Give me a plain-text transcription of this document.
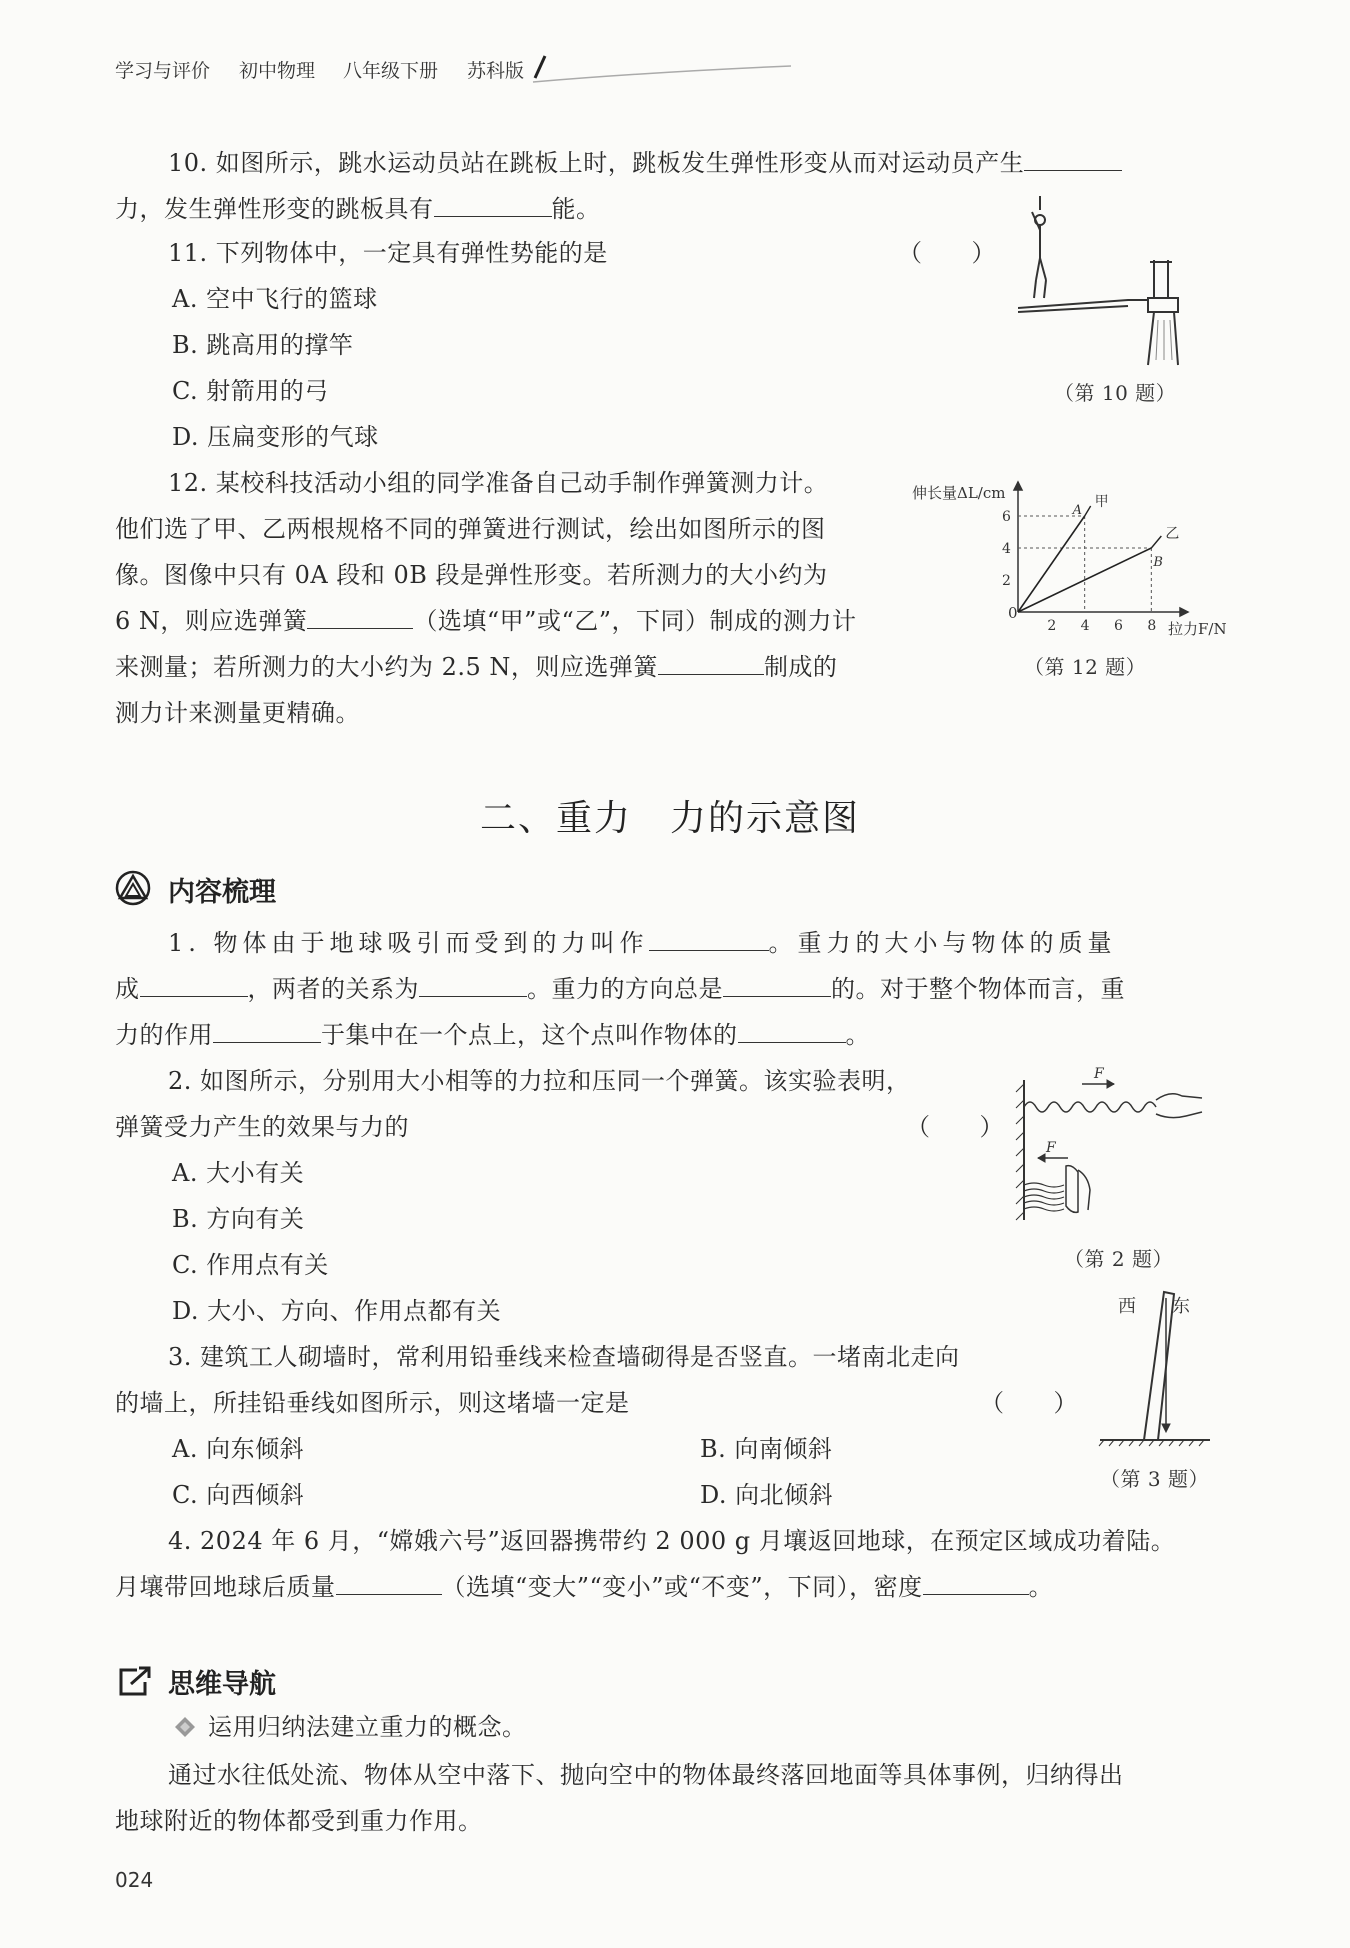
学习与评价 初中物理 八年级下册 苏科版
10. 如图所示，跳水运动员站在跳板上时，跳板发生弹性形变从而对运动员产生
力，发生弹性形变的跳板具有	能。
（第 10 题）
11. 下列物体中，一定具有弹性势能的是	（　　）
A. 空中飞行的篮球
B. 跳高用的撑竿
C. 射箭用的弓
D. 压扁变形的气球
12. 某校科技活动小组的同学准备自己动手制作弹簧测力计。
他们选了甲、乙两根规格不同的弹簧进行测试，绘出如图所示的图
像。图像中只有 0A 段和 0B 段是弹性形变。若所测力的大小约为
6 N，则应选弹簧	（选填“甲”或“乙”，下同）制成的测力计
来测量；若所测力的大小约为 2.5 N，则应选弹簧	制成的
测力计来测量更精确。
伸长量ΔL/cm
拉力F/N
0
2 4 6 8
2
4
6	A
甲
B
乙
（第 12 题）
二、重力　力的示意图
内容梳理
1. 物体由于地球吸引而受到的力叫作	。重力的大小与物体的质量
成	，两者的关系为	。重力的方向总是	的。对于整个物体而言，重
力的作用	于集中在一个点上，这个点叫作物体的	。
2. 如图所示，分别用大小相等的力拉和压同一个弹簧。该实验表明，
弹簧受力产生的效果与力的	（　　）
A. 大小有关
B. 方向有关
C. 作用点有关
D. 大小、方向、作用点都有关
F
F
（第 2 题）
3. 建筑工人砌墙时，常利用铅垂线来检查墙砌得是否竖直。一堵南北走向
的墙上，所挂铅垂线如图所示，则这堵墙一定是	（　　）
A. 向东倾斜	B. 向南倾斜
C. 向西倾斜	D. 向北倾斜
西 东
（第 3 题）
4. 2024 年 6 月，“嫦娥六号”返回器携带约 2 000 g 月壤返回地球，在预定区域成功着陆。
月壤带回地球后质量	（选填“变大”“变小”或“不变”，下同），密度	。
思维导航
运用归纳法建立重力的概念。
通过水往低处流、物体从空中落下、抛向空中的物体最终落回地面等具体事例，归纳得出
地球附近的物体都受到重力作用。
024
